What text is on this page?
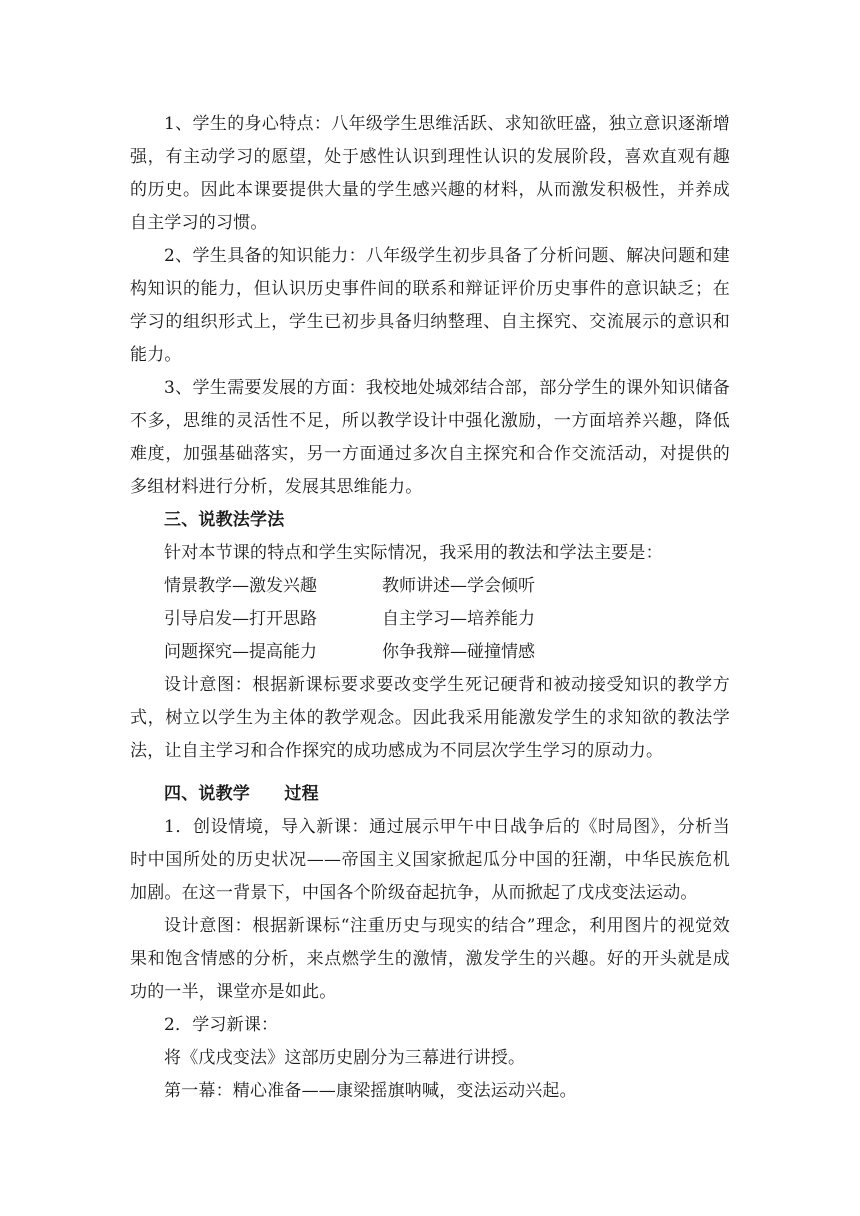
1、学生的身心特点：八年级学生思维活跃、求知欲旺盛，独立意识逐渐增强，有主动学习的愿望，处于感性认识到理性认识的发展阶段，喜欢直观有趣的历史。因此本课要提供大量的学生感兴趣的材料，从而激发积极性，并养成自主学习的习惯。

2、学生具备的知识能力：八年级学生初步具备了分析问题、解决问题和建构知识的能力，但认识历史事件间的联系和辩证评价历史事件的意识缺乏；在学习的组织形式上，学生已初步具备归纳整理、自主探究、交流展示的意识和能力。

3、学生需要发展的方面：我校地处城郊结合部，部分学生的课外知识储备不多，思维的灵活性不足，所以教学设计中强化激励，一方面培养兴趣，降低难度，加强基础落实，另一方面通过多次自主探究和合作交流活动，对提供的多组材料进行分析，发展其思维能力。

三、说教法学法

针对本节课的特点和学生实际情况，我采用的教法和学法主要是：

情景教学—激发兴趣	教师讲述—学会倾听
引导启发—打开思路	自主学习—培养能力
问题探究—提高能力	你争我辩—碰撞情感

设计意图：根据新课标要求要改变学生死记硬背和被动接受知识的教学方式，树立以学生为主体的教学观念。因此我采用能激发学生的求知欲的教法学法，让自主学习和合作探究的成功感成为不同层次学生学习的原动力。

四、说教学　　过程

1．创设情境，导入新课：通过展示甲午中日战争后的《时局图》，分析当时中国所处的历史状况——帝国主义国家掀起瓜分中国的狂潮，中华民族危机加剧。在这一背景下，中国各个阶级奋起抗争，从而掀起了戊戌变法运动。

设计意图：根据新课标“注重历史与现实的结合”理念，利用图片的视觉效果和饱含情感的分析，来点燃学生的激情，激发学生的兴趣。好的开头就是成功的一半，课堂亦是如此。

2．学习新课：

将《戊戌变法》这部历史剧分为三幕进行讲授。

第一幕：精心准备——康梁摇旗呐喊，变法运动兴起。
